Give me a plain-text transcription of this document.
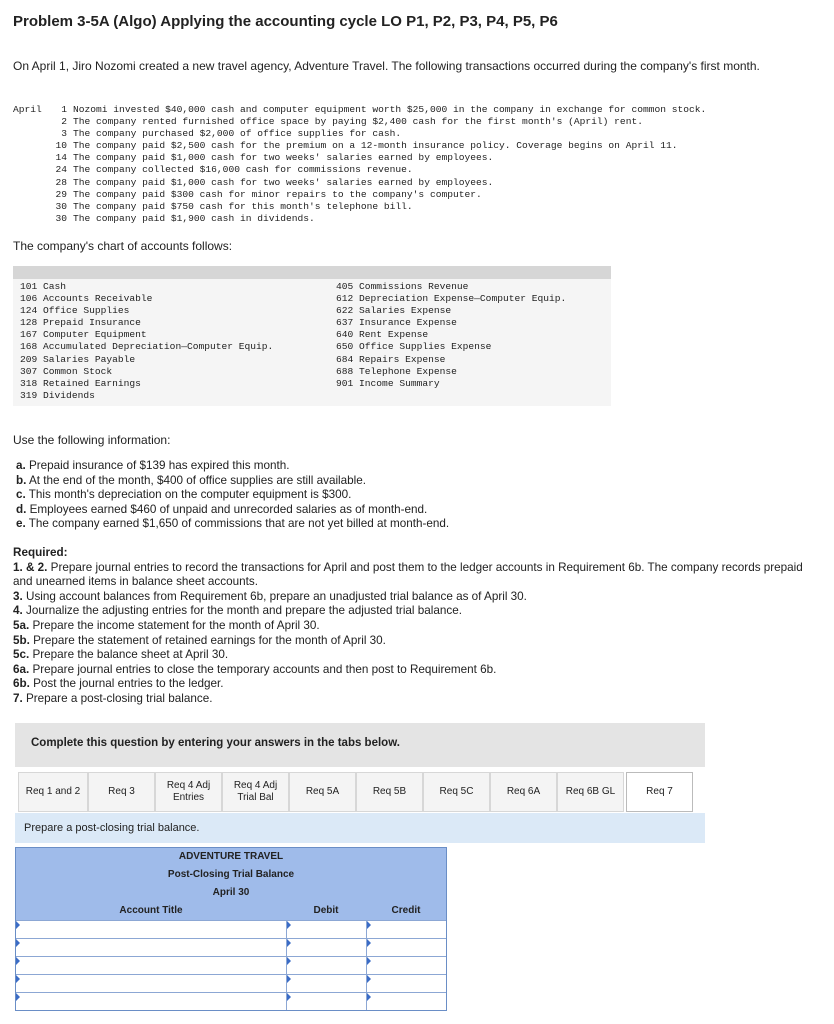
Problem 3-5A (Algo) Applying the accounting cycle LO P1, P2, P3, P4, P5, P6
On April 1, Jiro Nozomi created a new travel agency, Adventure Travel. The following transactions occurred during the company's first month.
April	1 Nozomi invested $40,000 cash and computer equipment worth $25,000 in the company in exchange for common stock.
2 The company rented furnished office space by paying $2,400 cash for the first month's (April) rent.
3 The company purchased $2,000 of office supplies for cash.
10 The company paid $2,500 cash for the premium on a 12-month insurance policy. Coverage begins on April 11.
14 The company paid $1,000 cash for two weeks' salaries earned by employees.
24 The company collected $16,000 cash for commissions revenue.
28 The company paid $1,000 cash for two weeks' salaries earned by employees.
29 The company paid $300 cash for minor repairs to the company's computer.
30 The company paid $750 cash for this month's telephone bill.
30 The company paid $1,900 cash in dividends.
The company's chart of accounts follows:
101 Cash
106 Accounts Receivable
124 Office Supplies
128 Prepaid Insurance
167 Computer Equipment
168 Accumulated Depreciation—Computer Equip.
209 Salaries Payable
307 Common Stock
318 Retained Earnings
319 Dividends
405 Commissions Revenue
612 Depreciation Expense—Computer Equip.
622 Salaries Expense
637 Insurance Expense
640 Rent Expense
650 Office Supplies Expense
684 Repairs Expense
688 Telephone Expense
901 Income Summary
Use the following information:
a. Prepaid insurance of $139 has expired this month.
b. At the end of the month, $400 of office supplies are still available.
c. This month's depreciation on the computer equipment is $300.
d. Employees earned $460 of unpaid and unrecorded salaries as of month-end.
e. The company earned $1,650 of commissions that are not yet billed at month-end.
Required:
1. & 2. Prepare journal entries to record the transactions for April and post them to the ledger accounts in Requirement 6b. The company records prepaid and unearned items in balance sheet accounts.
3. Using account balances from Requirement 6b, prepare an unadjusted trial balance as of April 30.
4. Journalize the adjusting entries for the month and prepare the adjusted trial balance.
5a. Prepare the income statement for the month of April 30.
5b. Prepare the statement of retained earnings for the month of April 30.
5c. Prepare the balance sheet at April 30.
6a. Prepare journal entries to close the temporary accounts and then post to Requirement 6b.
6b. Post the journal entries to the ledger.
7. Prepare a post-closing trial balance.
Complete this question by entering your answers in the tabs below.
Req 1 and 2	Req 3
Req 4 Adj Entries
Req 4 Adj Trial Bal
Req 5A	Req 5B	Req 5C	Req 6A	Req 6B GL	Req 7
Prepare a post-closing trial balance.
ADVENTURE TRAVEL
Post-Closing Trial Balance
April 30
Account Title	Debit	Credit
